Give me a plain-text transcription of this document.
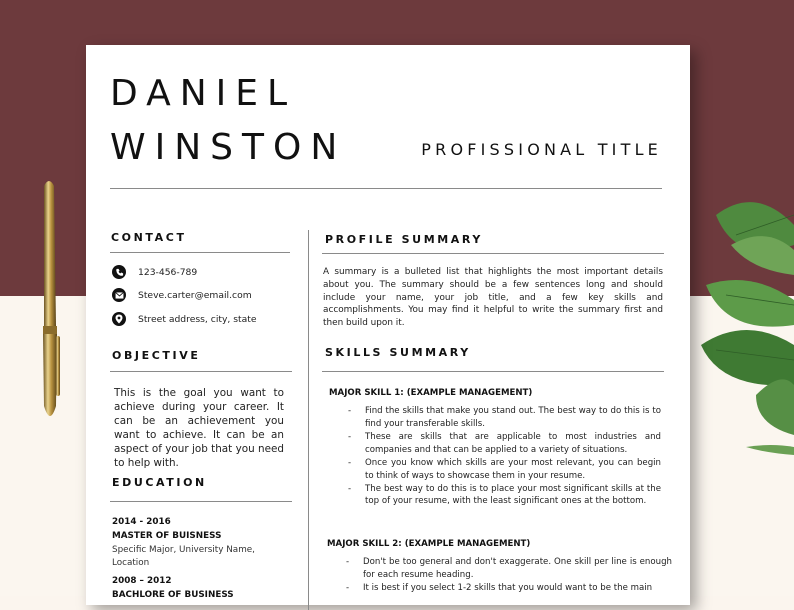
DANIEL
WINSTON	PROFISSIONAL TITLE
CONTACT
123-456-789
Steve.carter@email.com
Street address, city, state
OBJECTIVE
This is the goal you want to achieve during your career. It can be an achievement you want to achieve. It can be an aspect of your job that you need to help with.
EDUCATION
2014 - 2016
MASTER OF BUISNESS
Specific Major, University Name, Location
2008 – 2012
BACHLORE OF BUSINESS
PROFILE SUMMARY
A summary is a bulleted list that highlights the most important details about you. The summary should be a few sentences long and should include your name, your job title, and a few key skills and accomplishments. You may find it helpful to write the summary first and then build upon it.
SKILLS SUMMARY
MAJOR SKILL 1: (EXAMPLE MANAGEMENT)
- Find the skills that make you stand out. The best way to do this is to find your transferable skills.
- These are skills that are applicable to most industries and companies and that can be applied to a variety of situations.
- Once you know which skills are your most relevant, you can begin to think of ways to showcase them in your resume.
- The best way to do this is to place your most significant skills at the top of your resume, with the least significant ones at the bottom.
MAJOR SKILL 2: (EXAMPLE MANAGEMENT)
- Don't be too general and don't exaggerate. One skill per line is enough for each resume heading.
- It is best if you select 1-2 skills that you would want to be the main
